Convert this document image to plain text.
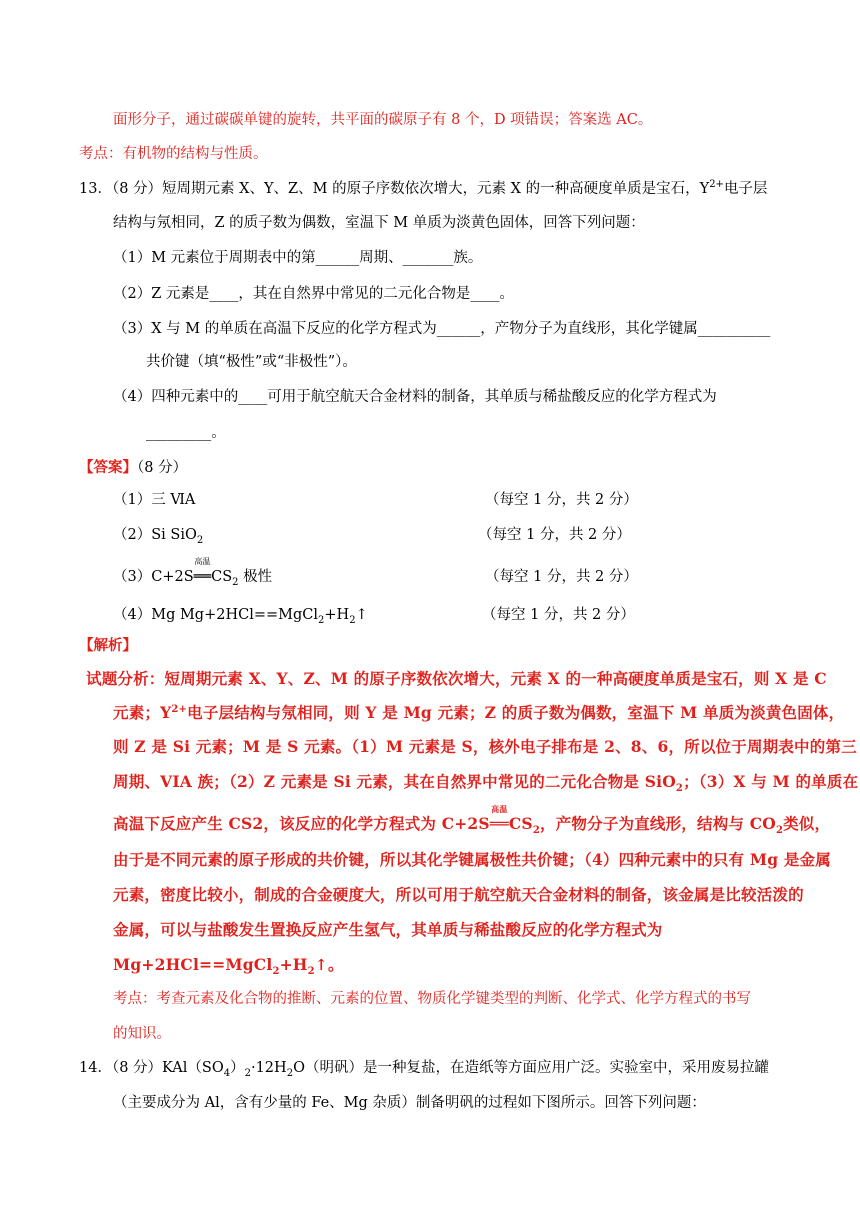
面形分子，通过碳碳单键的旋转，共平面的碳原子有 8 个，D 项错误；答案选 AC。
考点：有机物的结构与性质。
13．（8 分）短周期元素 X、Y、Z、M 的原子序数依次增大，元素 X 的一种高硬度单质是宝石，$Y^{2+}$电子层
结构与氖相同，Z 的质子数为偶数，室温下 M 单质为淡黄色固体，回答下列问题：
（1）M 元素位于周期表中的第______周期、_______族。
（2）Z 元素是____，其在自然界中常见的二元化合物是____。
（3）X 与 M 的单质在高温下反应的化学方程式为______，产物分子为直线形，其化学键属__________
共价键（填“极性”或“非极性”）。
（4）四种元素中的____可用于航空航天合金材料的制备，其单质与稀盐酸反应的化学方程式为
_________。
【答案】（8 分）
（1）三 ⅥA	（每空 1 分，共 2 分）
（2）Si SiO$_2$	（每空 1 分，共 2 分）
（3）C+2S
高温
$══CS_2$ 极性	（每空 1 分，共 2 分）
（4）Mg $Mg+2HCl==MgCl_2+H_2↑$	（每空 1 分，共 2 分）
【解析】
试题分析：短周期元素 X、Y、Z、M 的原子序数依次增大，元素 X 的一种高硬度单质是宝石，则 X 是 C
元素；$Y^{2+}$电子层结构与氖相同，则 Y 是 Mg 元素；Z 的质子数为偶数，室温下 M 单质为淡黄色固体，
则 Z 是 Si 元素；M 是 S 元素。（1）M 元素是 S，核外电子排布是 2、8、6，所以位于周期表中的第三
周期、VIA 族；（2）Z 元素是 Si 元素，其在自然界中常见的二元化合物是 SiO$_2$；（3）X 与 M 的单质在
高温下反应产生 CS2，该反应的化学方程式为 C+2S
高温
$══CS_2$，产物分子为直线形，结构与 $CO_2$类似，
由于是不同元素的原子形成的共价键，所以其化学键属极性共价键；（4）四种元素中的只有 Mg 是金属
元素，密度比较小，制成的合金硬度大，所以可用于航空航天合金材料的制备，该金属是比较活泼的
金属，可以与盐酸发生置换反应产生氢气，其单质与稀盐酸反应的化学方程式为
$Mg+2HCl==MgCl_2+H_2↑$。
考点：考查元素及化合物的推断、元素的位置、物质化学键类型的判断、化学式、化学方程式的书写
的知识。
14．（8 分）$KAl(SO_4)_2\cdot 12H_2O$（明矾）是一种复盐，在造纸等方面应用广泛。实验室中，采用废易拉罐
（主要成分为 Al，含有少量的 Fe、Mg 杂质）制备明矾的过程如下图所示。回答下列问题：
